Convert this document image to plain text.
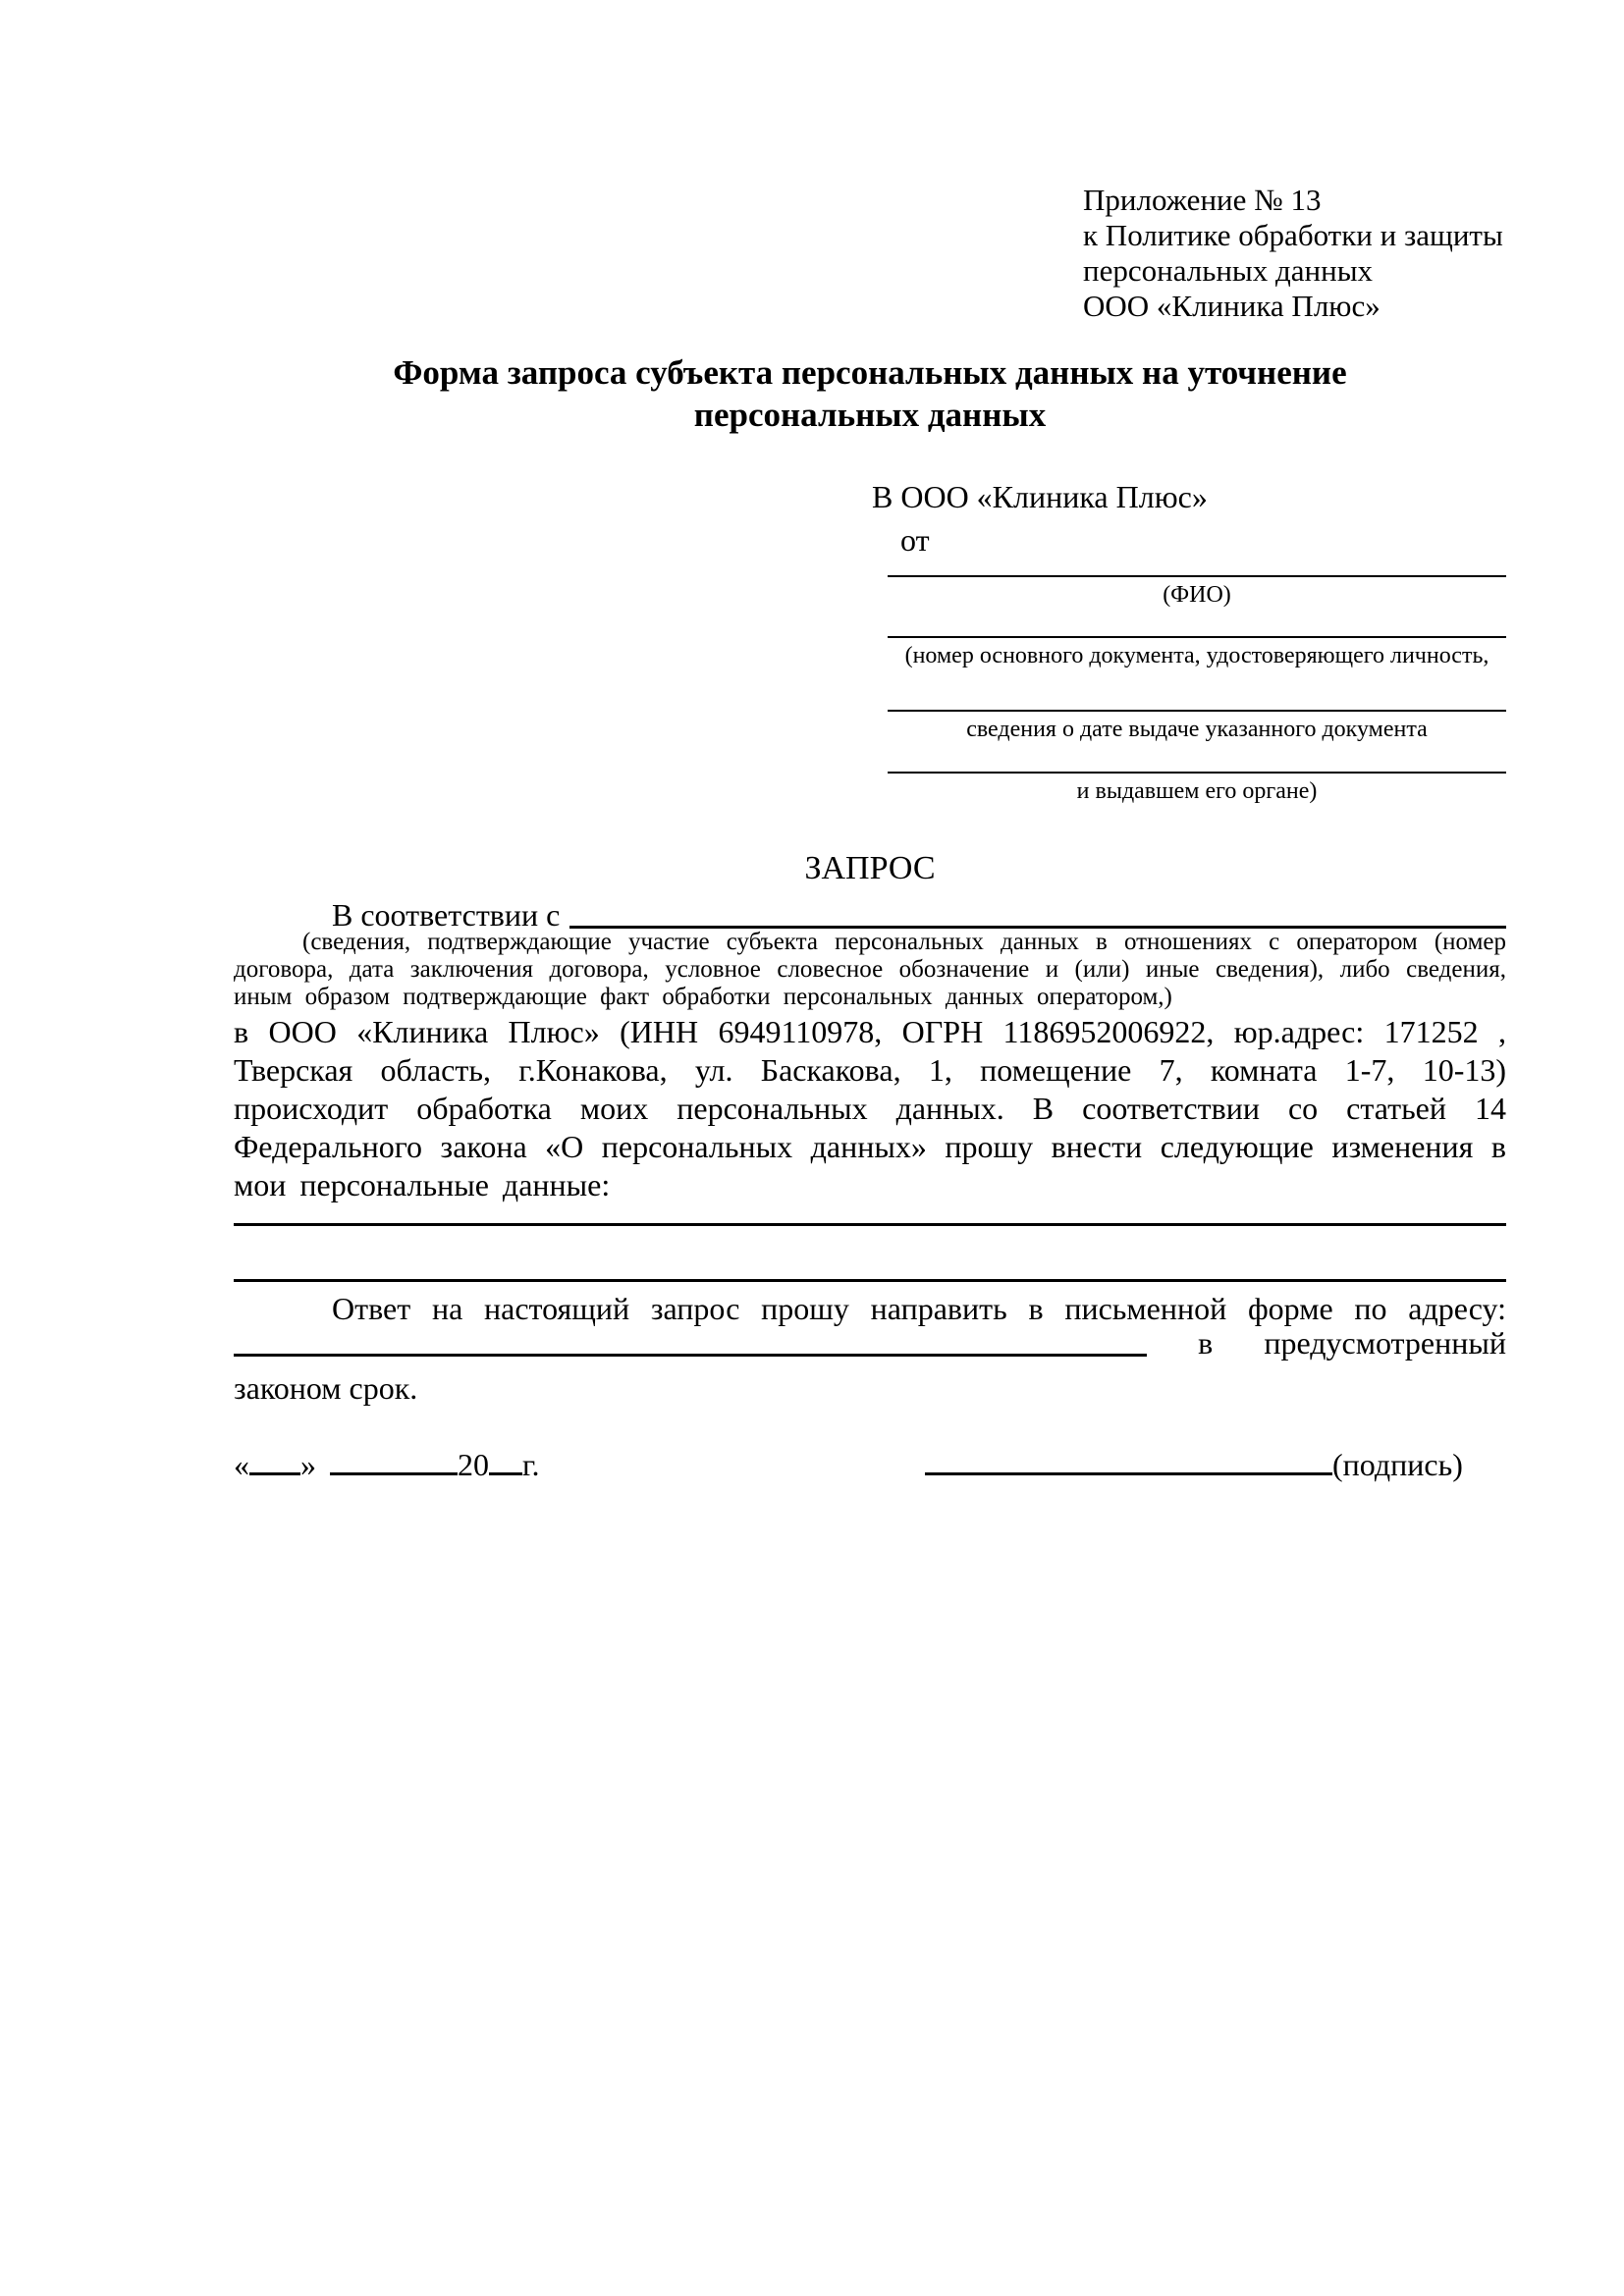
Приложение № 13
к Политике обработки и защиты
персональных данных
ООО «Клиника Плюс»
Форма запроса субъекта персональных данных на уточнение персональных данных
В ООО «Клиника Плюс»
от
(ФИО)
(номер основного документа, удостоверяющего личность,
сведения о дате выдаче указанного документа
и выдавшем его органе)
ЗАПРОС
В соответствии с
(сведения, подтверждающие участие субъекта персональных данных в отношениях с оператором (номер договора, дата заключения договора, условное словесное обозначение и (или) иные сведения), либо сведения, иным образом подтверждающие факт обработки персональных данных оператором,)
в ООО «Клиника Плюс» (ИНН 6949110978, ОГРН 1186952006922, юр.адрес: 171252 , Тверская область, г.Конакова, ул. Баскакова, 1, помещение 7, комната 1-7, 10-13) происходит обработка моих персональных данных. В соответствии со статьей 14 Федерального закона «О персональных данных» прошу внести следующие изменения в мои персональные данные:
Ответ на настоящий запрос прошу направить в письменной форме по адресу:
в предусмотренный
законом срок.
« »	20 г.	(подпись)
